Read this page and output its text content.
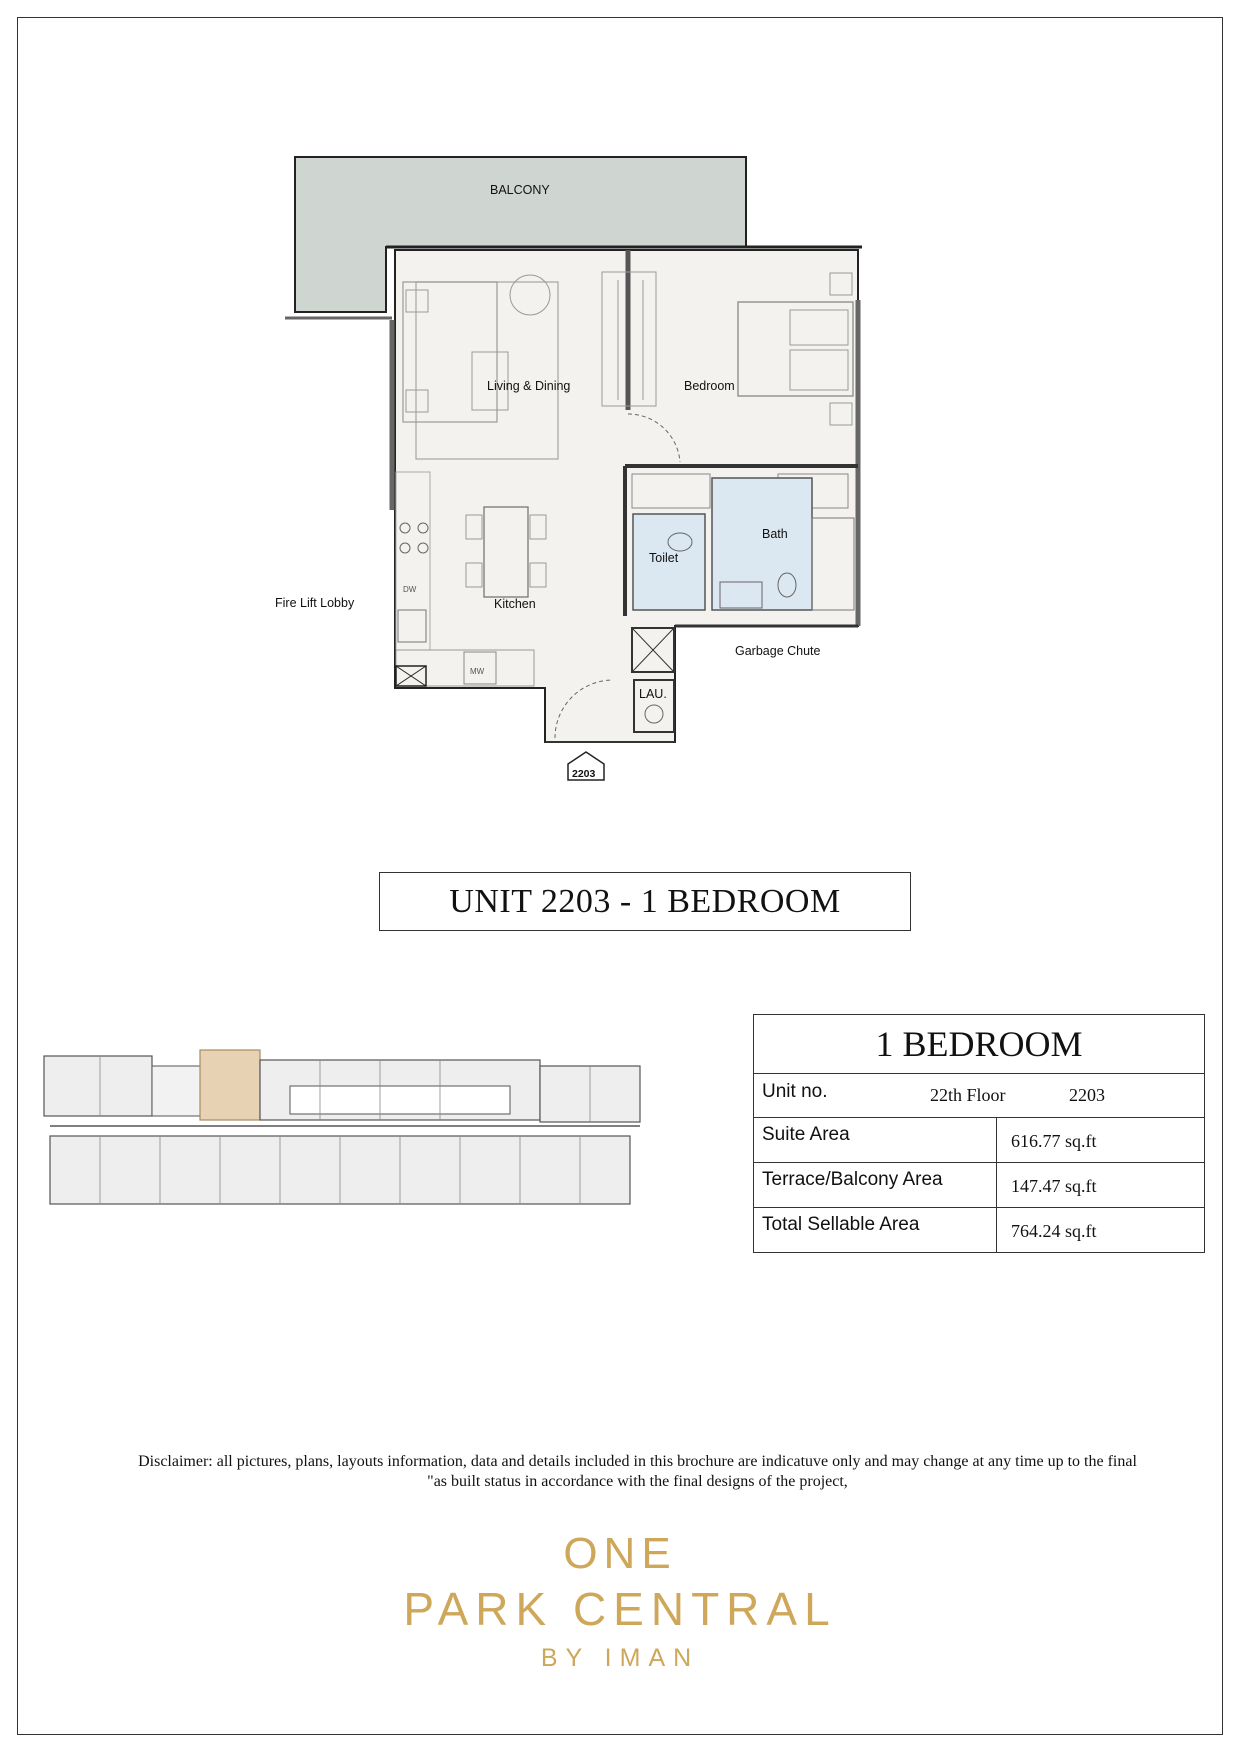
BALCONY
Living & Dining	Bedroom
Bath
Toilet
Kitchen
Fire Lift Lobby
Garbage Chute
LAU.
DW
MW
2203
UNIT 2203 - 1 BEDROOM
1 BEDROOM
Unit no.	22th Floor	2203
Suite Area	616.77 sq.ft
Terrace/Balcony Area	147.47 sq.ft
Total Sellable Area	764.24 sq.ft
Disclaimer: all pictures, plans, layouts information, data and details included in this brochure are indicatuve only and may change at any time up to the final
"as built status in accordance with the final designs of the project,
ONE
PARK CENTRAL
BY IMAN
